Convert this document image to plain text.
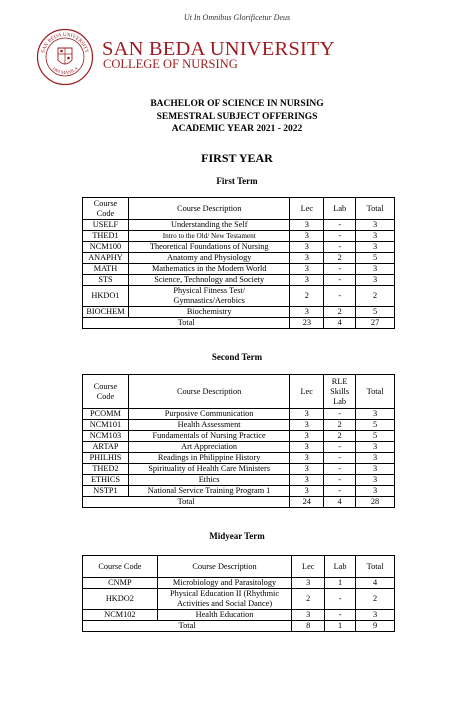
Ut In Omnibus Glorificetur Deus
SAN BEDA UNIVERSITY
1901 MANILA
SAN BEDA UNIVERSITY
COLLEGE OF NURSING
BACHELOR OF SCIENCE IN NURSING
SEMESTRAL SUBJECT OFFERINGS
ACADEMIC YEAR 2021 - 2022
FIRST YEAR
First Term
Course Code	Course Description	Lec	Lab	Total
USELF	Understanding the Self	3	-	3
THED1	Intro to the Old/ New Testament	3	-	3
NCM100	Theoretical Foundations of Nursing	3	-	3
ANAPHY	Anatomy and Physiology	3	2	5
MATH	Mathematics in the Modern World	3	-	3
STS	Science, Technology and Society	3	-	3
HKDO1	Physical Fitness Test/ Gymnastics/Aerobics	2	-	2
BIOCHEM	Biochemistry	3	2	5
Total		23	4	27
Second Term
Course Code	Course Description	Lec	RLE Skills Lab	Total
PCOMM	Purposive Communication	3	-	3
NCM101	Health Assessment	3	2	5
NCM103	Fundamentals of Nursing Practice	3	2	5
ARTAP	Art Appreciation	3	-	3
PHILHIS	Readings in Philippine History	3	-	3
THED2	Spirituality of Health Care Ministers	3	-	3
ETHICS	Ethics	3	-	3
NSTP1	National Service Training Program 1	3	-	3
Total		24	4	28
Midyear Term
Course Code	Course Description	Lec	Lab	Total
CNMP	Microbiology and Parasitology	3	1	4
HKDO2	Physical Education II (Rhythmic Activities and Social Dance)	2	-	2
NCM102	Health Education	3	-	3
Total		8	1	9
